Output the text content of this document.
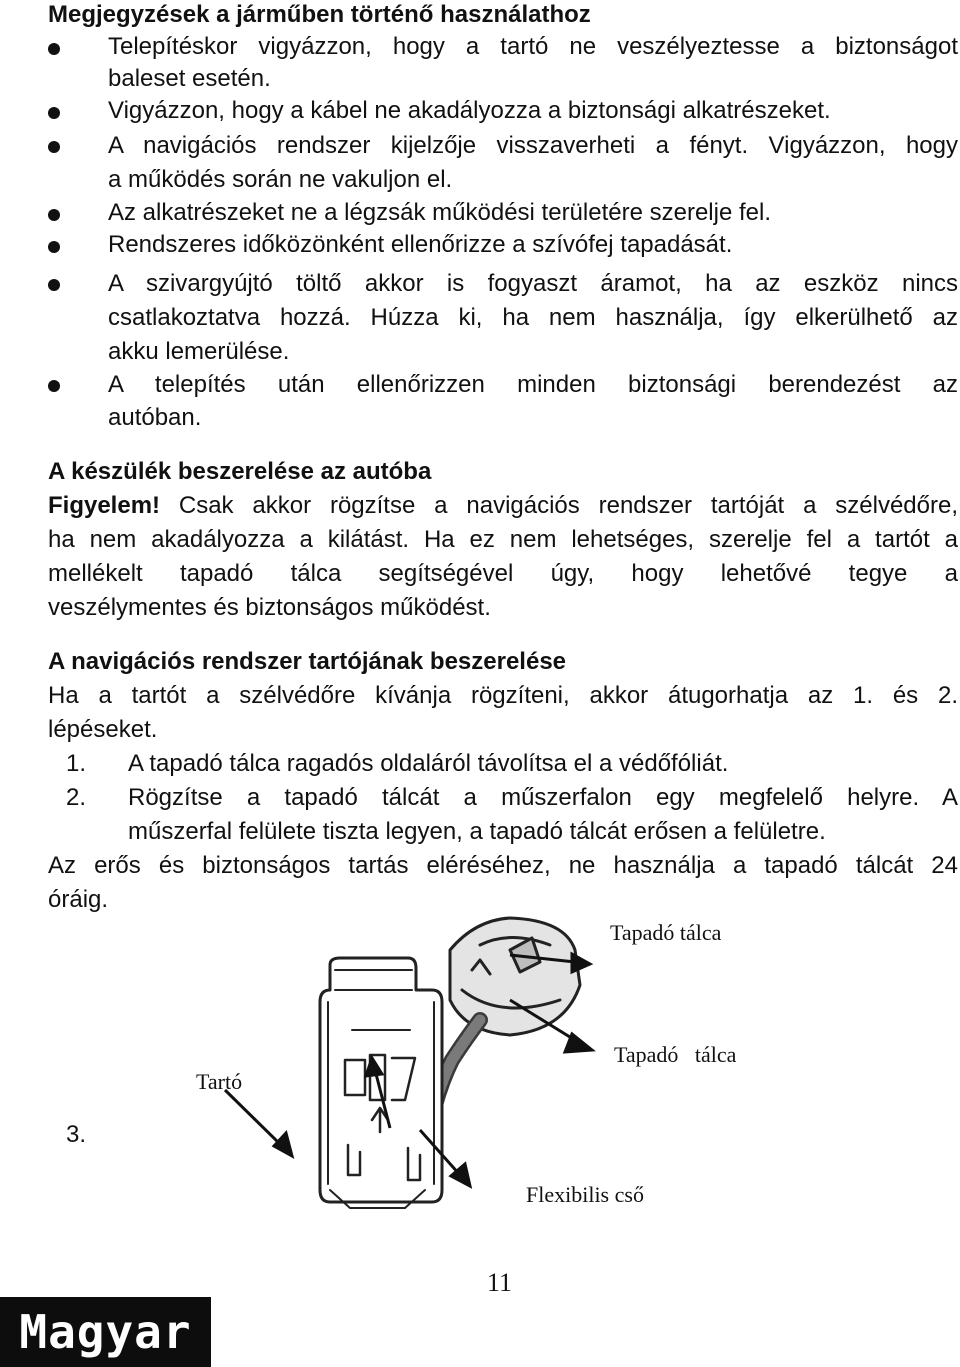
Megjegyzések a járműben történő használathoz
Telepítéskor vigyázzon, hogy a tartó ne veszélyeztesse a biztonságot
baleset esetén.
Vigyázzon, hogy a kábel ne akadályozza a biztonsági alkatrészeket.
A navigációs rendszer kijelzője visszaverheti a fényt. Vigyázzon, hogy
a működés során ne vakuljon el.
Az alkatrészeket ne a légzsák működési területére szerelje fel.
Rendszeres időközönként ellenőrizze a szívófej tapadását.
A szivargyújtó töltő akkor is fogyaszt áramot, ha az eszköz nincs
csatlakoztatva hozzá. Húzza ki, ha nem használja, így elkerülhető az
akku lemerülése.
A telepítés után ellenőrizzen minden biztonsági berendezést az
autóban.
A készülék beszerelése az autóba
Figyelem! Csak akkor rögzítse a navigációs rendszer tartóját a szélvédőre,
ha nem akadályozza a kilátást. Ha ez nem lehetséges, szerelje fel a tartót a
mellékelt tapadó tálca segítségével úgy, hogy lehetővé tegye a
veszélymentes és biztonságos működést.
A navigációs rendszer tartójának beszerelése
Ha a tartót a szélvédőre kívánja rögzíteni, akkor átugorhatja az 1. és 2.
lépéseket.
1. A tapadó tálca ragadós oldaláról távolítsa el a védőfóliát.
2. Rögzítse a tapadó tálcát a műszerfalon egy megfelelő helyre. A
műszerfal felülete tiszta legyen, a tapadó tálcát erősen a felületre.
Az erős és biztonságos tartás eléréséhez, ne használja a tapadó tálcát 24
óráig.
3.
Tapadó tálca
Tapadó   tálca
Tartó
Flexibilis cső
11
Magyar
